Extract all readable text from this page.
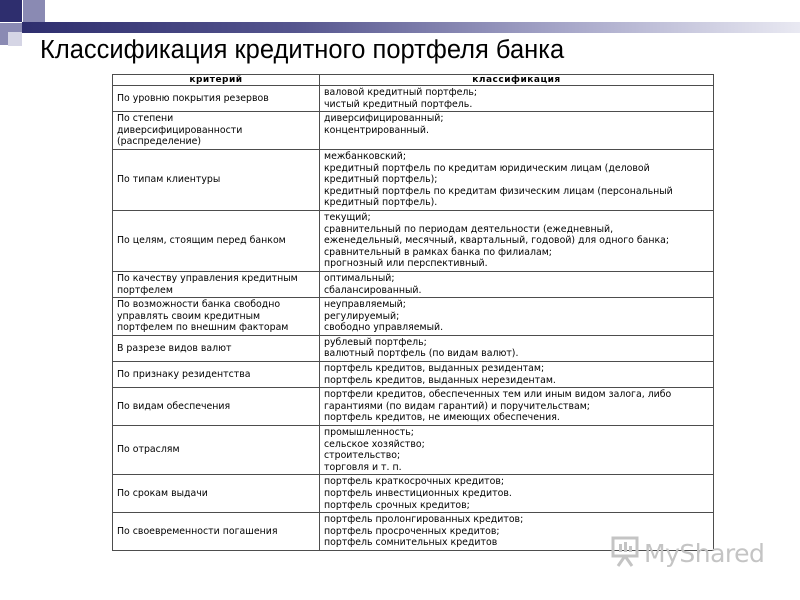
Классификация кредитного портфеля банка
критерий	классификация

По уровню покрытия резервов	валовой кредитный портфель;
чистый кредитный портфель.

По степени
диверсифицированности
(распределение)	диверсифицированный;
концентрированный.

По типам клиентуры	межбанковский;
кредитный портфель по кредитам юридическим лицам (деловой
кредитный портфель);
кредитный портфель по кредитам физическим лицам (персональный
кредитный портфель).

По целям, стоящим перед банком	текущий;
сравнительный по периодам деятельности (ежедневный,
еженедельный, месячный, квартальный, годовой) для одного банка;
сравнительный в рамках банка по филиалам;
прогнозный или перспективный.

По качеству управления кредитным
портфелем	оптимальный;
сбалансированный.

По возможности банка свободно
управлять своим кредитным
портфелем по внешним факторам	неуправляемый;
регулируемый;
свободно управляемый.

В разрезе видов валют	рублевый портфель;
валютный портфель (по видам валют).

По признаку резидентства	портфель кредитов, выданных резидентам;
портфель кредитов, выданных нерезидентам.

По видам обеспечения	портфели кредитов, обеспеченных тем или иным видом залога, либо
гарантиями (по видам гарантий) и поручительствам;
портфель кредитов, не имеющих обеспечения.

По отраслям	промышленность;
сельское хозяйство;
строительство;
торговля и т. п.

По срокам выдачи	портфель краткосрочных кредитов;
портфель инвестиционных кредитов.
портфель срочных кредитов;

По своевременности погашения	портфель пролонгированных кредитов;
портфель просроченных кредитов;
портфель сомнительных кредитов	MyShared
